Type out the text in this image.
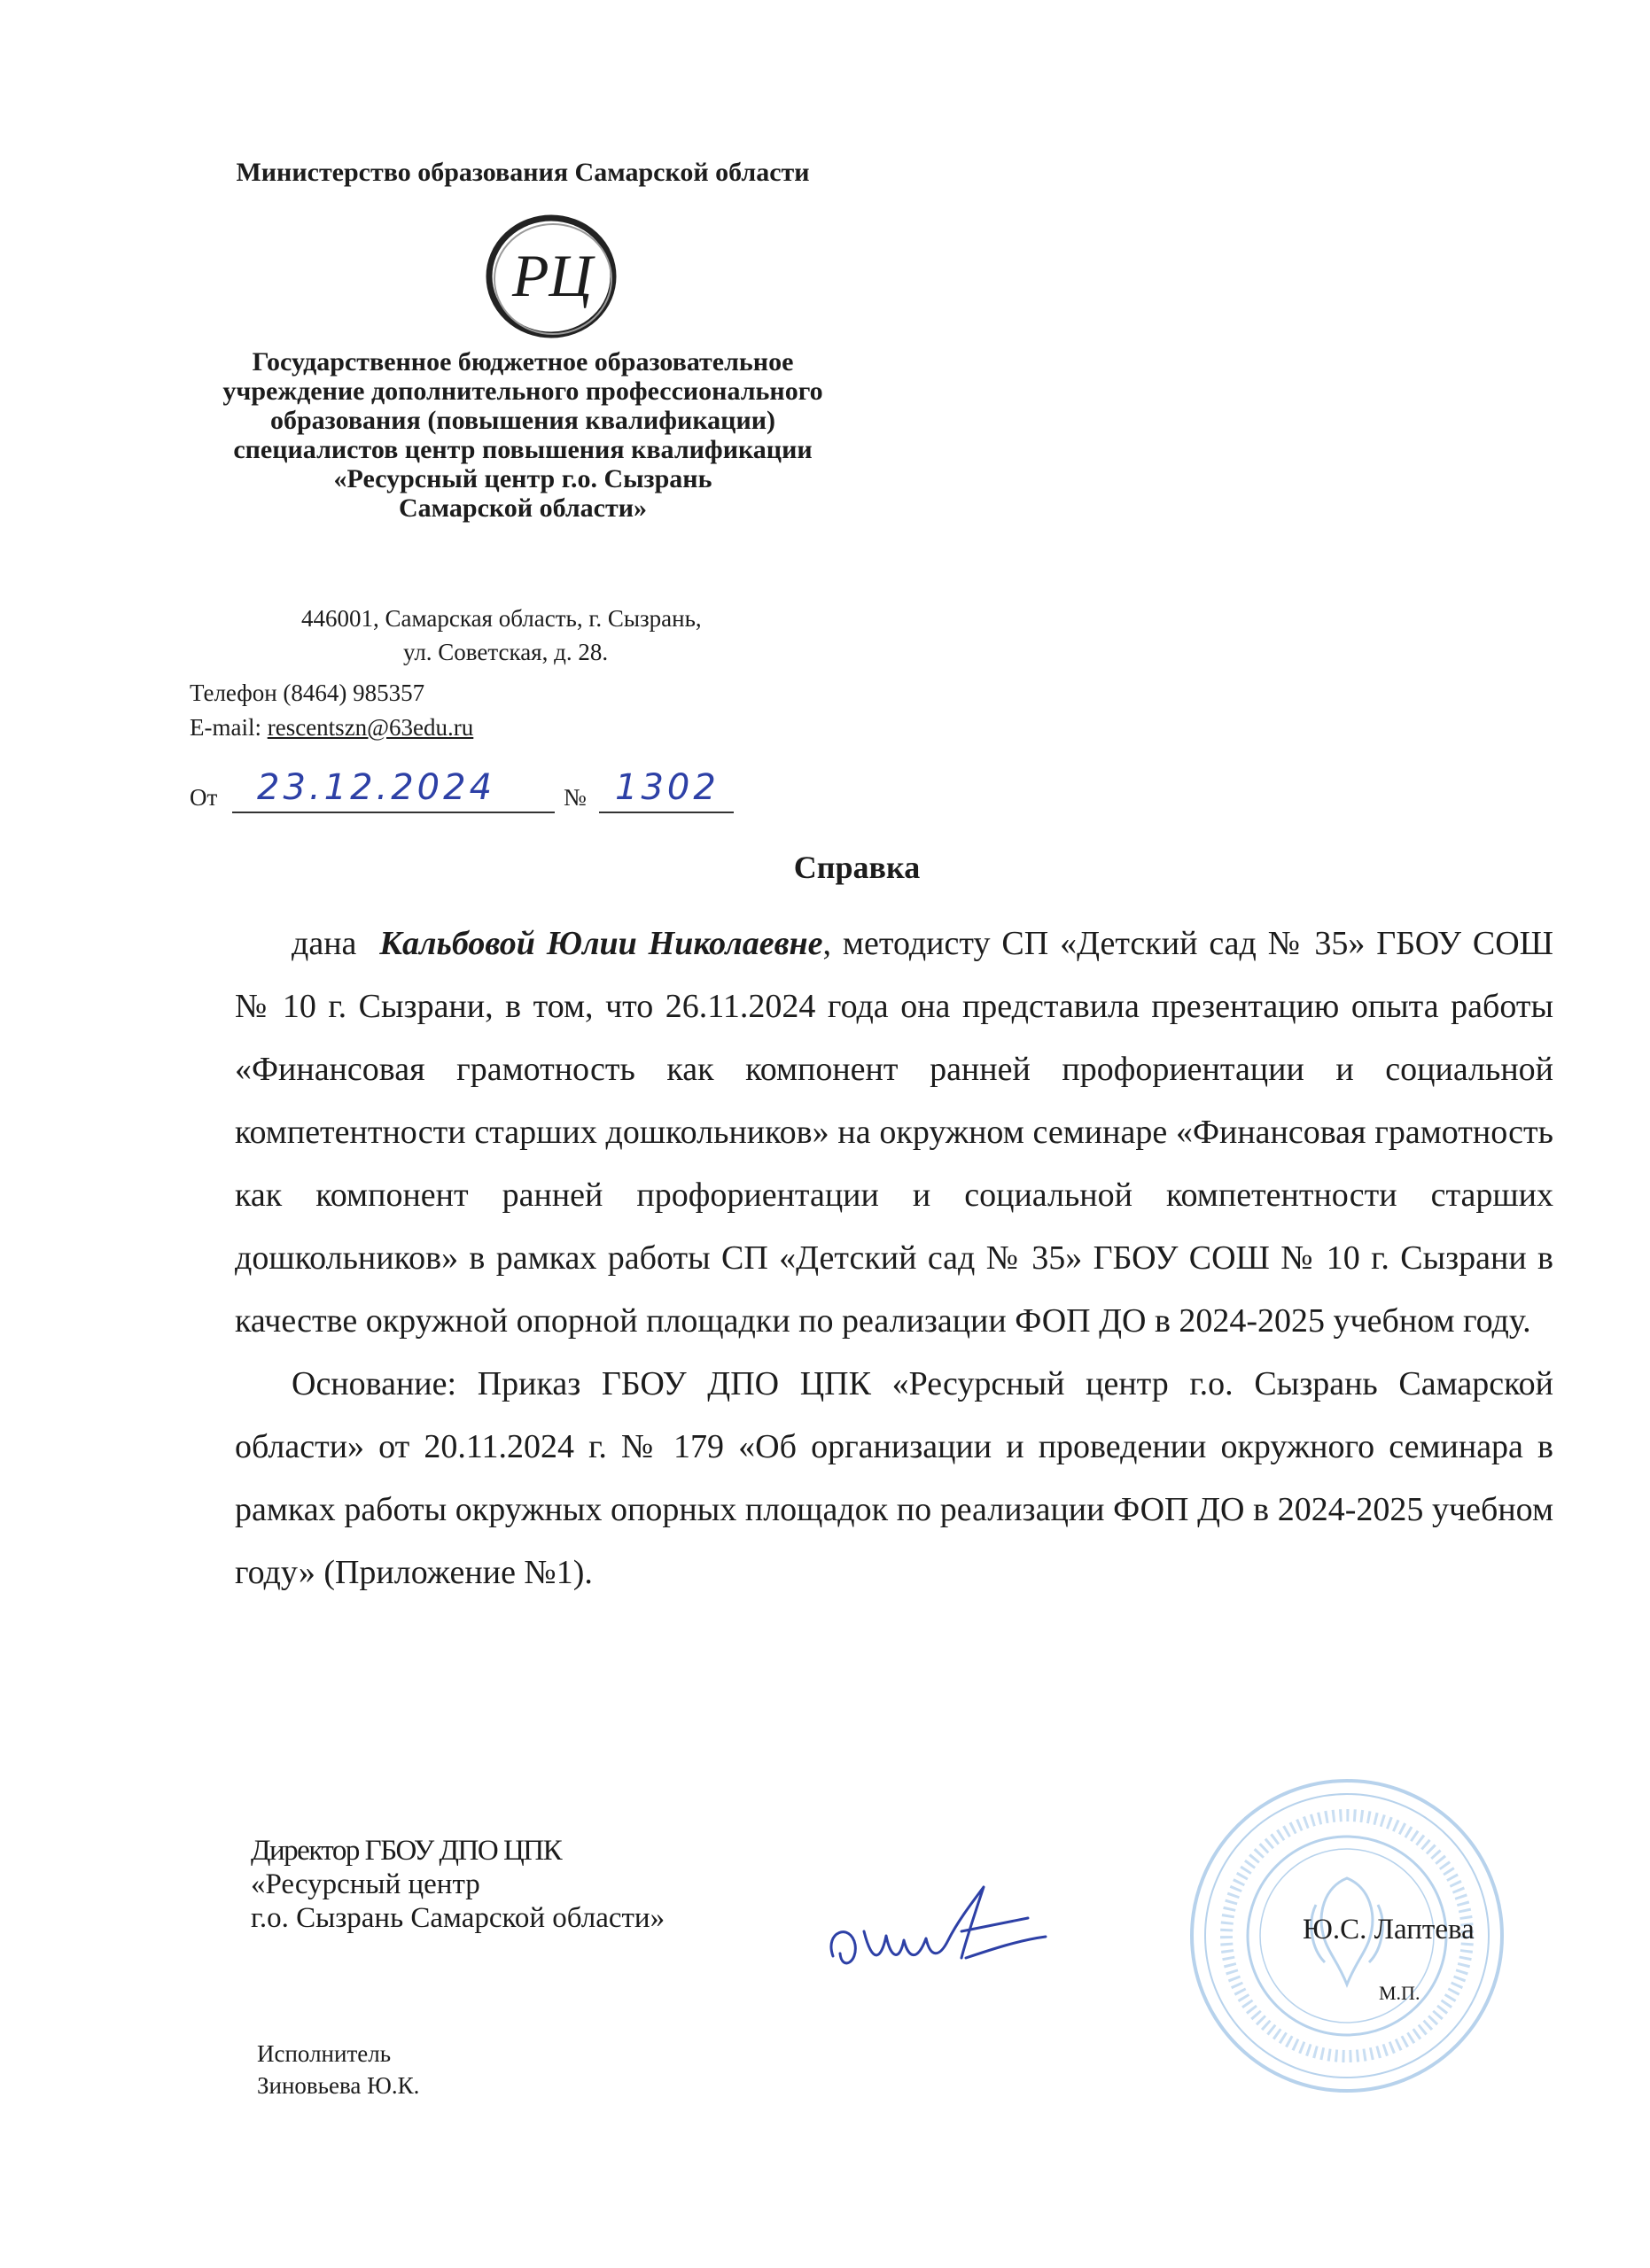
Министерство образования Самарской области
РЦ
Государственное бюджетное образовательное
учреждение дополнительного профессионального
образования (повышения квалификации)
специалистов центр повышения квалификации
«Ресурсный центр г.о. Сызрань
Самарской области»
446001, Самарская область, г. Сызрань,
ул. Советская, д. 28.
Телефон (8464) 985357
E-mail: rescentszn@63edu.ru
От 23.12.2024	№ 1302
Справка

дана Кальбовой Юлии Николаевне, методисту СП «Детский сад № 35» ГБОУ СОШ № 10 г. Сызрани, в том, что 26.11.2024 года она представила презентацию опыта работы «Финансовая грамотность как компонент ранней профориентации и социальной компетентности старших дошкольников» на окружном семинаре «Финансовая грамотность как компонент ранней профориентации и социальной компетентности старших дошкольников» в рамках работы СП «Детский сад № 35» ГБОУ СОШ № 10 г. Сызрани в качестве окружной опорной площадки по реализации ФОП ДО в 2024-2025 учебном году.

Основание: Приказ ГБОУ ДПО ЦПК «Ресурсный центр г.о. Сызрань Самарской области» от 20.11.2024 г. № 179 «Об организации и проведении окружного семинара в рамках работы окружных опорных площадок по реализации ФОП ДО в 2024-2025 учебном году» (Приложение №1).

Директор ГБОУ ДПО ЦПК
«Ресурсный центр
г.о. Сызрань Самарской области»	Ю.С. Лаптева
М.П.
Исполнитель
Зиновьева Ю.К.
